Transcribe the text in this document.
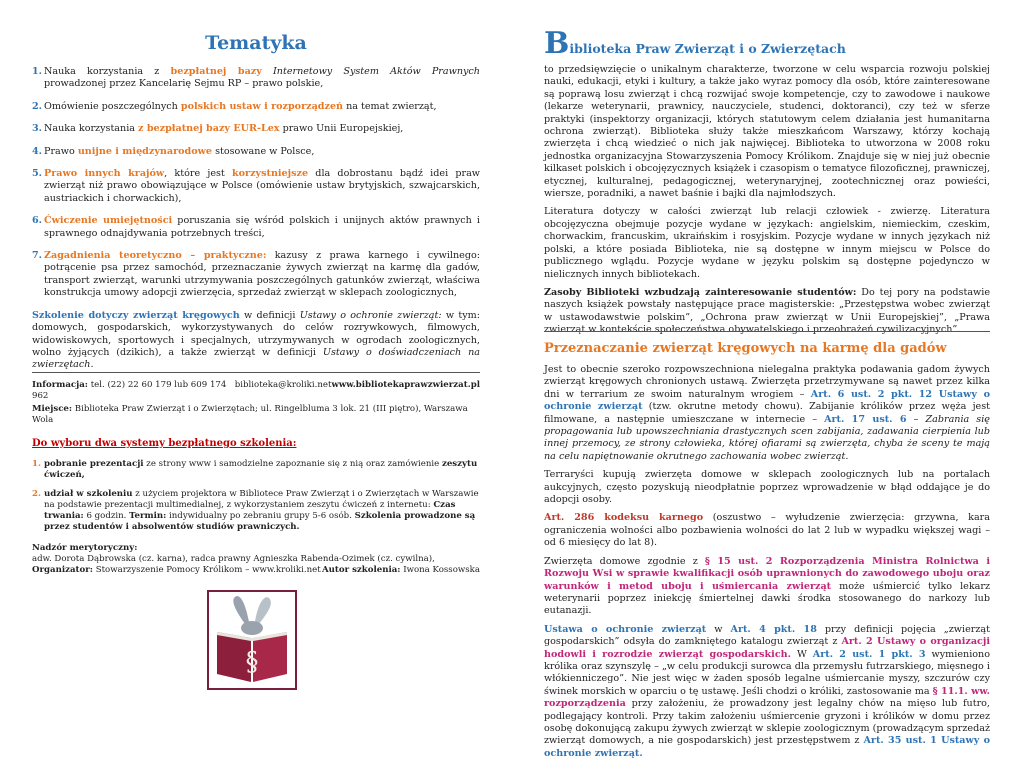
Tematyka
1. Nauka korzystania z bezpłatnej bazy Internetowy System Aktów Prawnych prowadzonej przez Kancelarię Sejmu RP – prawo polskie,
2. Omówienie poszczególnych polskich ustaw i rozporządzeń na temat zwierząt,
3. Nauka korzystania z bezpłatnej bazy EUR-Lex prawo Unii Europejskiej,
4. Prawo unijne i międzynarodowe stosowane w Polsce,
5. Prawo innych krajów, które jest korzystniejsze dla dobrostanu bądź idei praw zwierząt niż prawo obowiązujące w Polsce (omówienie ustaw brytyjskich, szwajcarskich, austriackich i chorwackich),
6. Ćwiczenie umiejętności poruszania się wśród polskich i unijnych aktów prawnych i sprawnego odnajdywania potrzebnych treści,
7. Zagadnienia teoretyczno – praktyczne: kazusy z prawa karnego i cywilnego: potrącenie psa przez samochód, przeznaczanie żywych zwierząt na karmę dla gadów, transport zwierząt, warunki utrzymywania poszczególnych gatunków zwierząt, właściwa konstrukcja umowy adopcji zwierzęcia, sprzedaż zwierząt w sklepach zoologicznych,

Szkolenie dotyczy zwierząt kręgowych w definicji Ustawy o ochronie zwierząt: w tym: domowych, gospodarskich, wykorzystywanych do celów rozrywkowych, filmowych, widowiskowych, sportowych i specjalnych, utrzymywanych w ogrodach zoologicznych, wolno żyjących (dzikich), a także zwierząt w definicji Ustawy o doświadczeniach na zwierzętach.

Informacja: tel. (22) 22 60 179 lub 609 174 962
biblioteka@kroliki.net www.bibliotekaprawzwierzat.pl
Miejsce: Biblioteka Praw Zwierząt i o Zwierzętach; ul. Ringelbluma 3 lok. 21 (III piętro), Warszawa Wola
Do wyboru dwa systemy bezpłatnego szkolenia:
1. pobranie prezentacji ze strony www i samodzielne zapoznanie się z nią oraz zamówienie zeszytu ćwiczeń,
2. udział w szkoleniu z użyciem projektora w Bibliotece Praw Zwierząt i o Zwierzętach w Warszawie na podstawie prezentacji multimedialnej, z wykorzystaniem zeszytu ćwiczeń z internetu: Czas trwania: 6 godzin. Termin: indywidualny po zebraniu grupy 5-6 osób. Szkolenia prowadzone są przez studentów i absolwentów studiów prawniczych.
Nadzór merytoryczny:
adw. Dorota Dąbrowska (cz. karna), radca prawny Agnieszka Rabenda-Ozimek (cz. cywilna),
Organizator: Stowarzyszenie Pomocy Królikom – www.kroliki.net Autor szkolenia: Iwona Kossowska
§
Biblioteka Praw Zwierząt i o Zwierzętach

to przedsięwzięcie o unikalnym charakterze, tworzone w celu wsparcia rozwoju polskiej nauki, edukacji, etyki i kultury, a także jako wyraz pomocy dla osób, które zainteresowane są poprawą losu zwierząt i chcą rozwijać swoje kompetencje, czy to zawodowe i naukowe (lekarze weterynarii, prawnicy, nauczyciele, studenci, doktoranci), czy też w sferze praktyki (inspektorzy organizacji, których statutowym celem działania jest humanitarna ochrona zwierząt). Biblioteka służy także mieszkańcom Warszawy, którzy kochają zwierzęta i chcą wiedzieć o nich jak najwięcej. Biblioteka to utworzona w 2008 roku jednostka organizacyjna Stowarzyszenia Pomocy Królikom. Znajduje się w niej już obecnie kilkaset polskich i obcojęzycznych książek i czasopism o tematyce filozoficznej, prawniczej, etycznej, kulturalnej, pedagogicznej, weterynaryjnej, zootechnicznej oraz powieści, wiersze, poradniki, a nawet baśnie i bajki dla najmłodszych.

Literatura dotyczy w całości zwierząt lub relacji człowiek - zwierzę. Literatura obcojęzyczna obejmuje pozycje wydane w językach: angielskim, niemieckim, czeskim, chorwackim, francuskim, ukraińskim i rosyjskim. Pozycje wydane w innych językach niż polski, a które posiada Biblioteka, nie są dostępne w innym miejscu w Polsce do publicznego wglądu. Pozycje wydane w języku polskim są dostępne pojedynczo w nielicznych innych bibliotekach.

Zasoby Biblioteki wzbudzają zainteresowanie studentów: Do tej pory na podstawie naszych książek powstały następujące prace magisterskie: „Przestępstwa wobec zwierząt w ustawodawstwie polskim”, „Ochrona praw zwierząt w Unii Europejskiej”, „Prawa zwierząt w kontekście społeczeństwa obywatelskiego i przeobrażeń cywilizacyjnych”.

Przeznaczanie zwierząt kręgowych na karmę dla gadów

Jest to obecnie szeroko rozpowszechniona nielegalna praktyka podawania gadom żywych zwierząt kręgowych chronionych ustawą. Zwierzęta przetrzymywane są nawet przez kilka dni w terrarium ze swoim naturalnym wrogiem – Art. 6 ust. 2 pkt. 12 Ustawy o ochronie zwierząt (tzw. okrutne metody chowu). Zabijanie królików przez węża jest filmowane, a następnie umieszczane w internecie – Art. 17 ust. 6 – Zabrania się propagowania lub upowszechniania drastycznych scen zabijania, zadawania cierpienia lub innej przemocy, ze strony człowieka, której ofiarami są zwierzęta, chyba że sceny te mają na celu napiętnowanie okrutnego zachowania wobec zwierząt.

Terraryści kupują zwierzęta domowe w sklepach zoologicznych lub na portalach aukcyjnych, często pozyskują nieodpłatnie poprzez wprowadzenie w błąd oddające je do adopcji osoby.

Art. 286 kodeksu karnego (oszustwo – wyłudzenie zwierzęcia: grzywna, kara ograniczenia wolności albo pozbawienia wolności do lat 2 lub w wypadku większej wagi – od 6 miesięcy do lat 8).

Zwierzęta domowe zgodnie z § 15 ust. 2 Rozporządzenia Ministra Rolnictwa i Rozwoju Wsi w sprawie kwalifikacji osób uprawnionych do zawodowego uboju oraz warunków i metod uboju i uśmiercania zwierząt może uśmiercić tylko lekarz weterynarii poprzez iniekcję śmiertelnej dawki środka stosowanego do narkozy lub eutanazji.

Ustawa o ochronie zwierząt w Art. 4 pkt. 18 przy definicji pojęcia „zwierząt gospodarskich” odsyła do zamkniętego katalogu zwierząt z Art. 2 Ustawy o organizacji hodowli i rozrodzie zwierząt gospodarskich. W Art. 2 ust. 1 pkt. 3 wymieniono królika oraz szynszylę – „w celu produkcji surowca dla przemysłu futrzarskiego, mięsnego i włókienniczego”. Nie jest więc w żaden sposób legalne uśmiercanie myszy, szczurów czy świnek morskich w oparciu o tę ustawę. Jeśli chodzi o króliki, zastosowanie ma § 11.1. ww. rozporządzenia przy założeniu, że prowadzony jest legalny chów na mięso lub futro, podlegający kontroli. Przy takim założeniu uśmiercenie gryzoni i królików w domu przez osobę dokonującą zakupu żywych zwierząt w sklepie zoologicznym (prowadzącym sprzedaż zwierząt domowych, a nie gospodarskich) jest przestępstwem z Art. 35 ust. 1 Ustawy o ochronie zwierząt.
